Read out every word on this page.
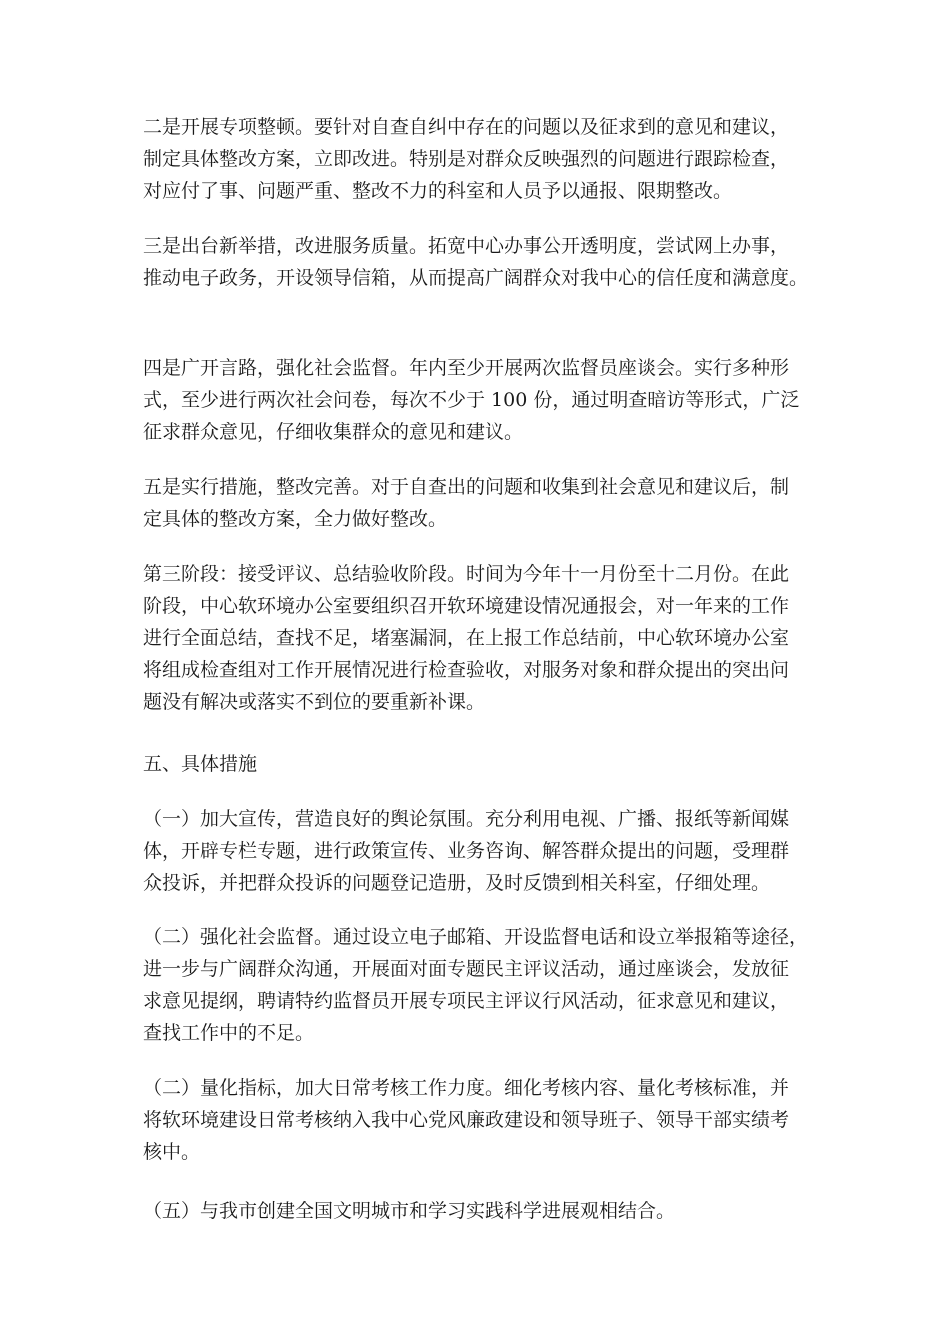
二是开展专项整顿。要针对自查自纠中存在的问题以及征求到的意见和建议，
制定具体整改方案，立即改进。特别是对群众反映强烈的问题进行跟踪检查，
对应付了事、问题严重、整改不力的科室和人员予以通报、限期整改。

三是出台新举措，改进服务质量。拓宽中心办事公开透明度，尝试网上办事，
推动电子政务，开设领导信箱，从而提高广阔群众对我中心的信任度和满意度。

四是广开言路，强化社会监督。年内至少开展两次监督员座谈会。实行多种形
式，至少进行两次社会问卷，每次不少于 100 份，通过明查暗访等形式，广泛
征求群众意见，仔细收集群众的意见和建议。

五是实行措施，整改完善。对于自查出的问题和收集到社会意见和建议后，制
定具体的整改方案，全力做好整改。

第三阶段：接受评议、总结验收阶段。时间为今年十一月份至十二月份。在此
阶段，中心软环境办公室要组织召开软环境建设情况通报会，对一年来的工作
进行全面总结，查找不足，堵塞漏洞，在上报工作总结前，中心软环境办公室
将组成检查组对工作开展情况进行检查验收，对服务对象和群众提出的突出问
题没有解决或落实不到位的要重新补课。

五、具体措施

（一）加大宣传，营造良好的舆论氛围。充分利用电视、广播、报纸等新闻媒
体，开辟专栏专题，进行政策宣传、业务咨询、解答群众提出的问题，受理群
众投诉，并把群众投诉的问题登记造册，及时反馈到相关科室，仔细处理。

（二）强化社会监督。通过设立电子邮箱、开设监督电话和设立举报箱等途径，
进一步与广阔群众沟通，开展面对面专题民主评议活动，通过座谈会，发放征
求意见提纲，聘请特约监督员开展专项民主评议行风活动，征求意见和建议，
查找工作中的不足。

（二）量化指标，加大日常考核工作力度。细化考核内容、量化考核标准，并
将软环境建设日常考核纳入我中心党风廉政建设和领导班子、领导干部实绩考
核中。

（五）与我市创建全国文明城市和学习实践科学进展观相结合。
